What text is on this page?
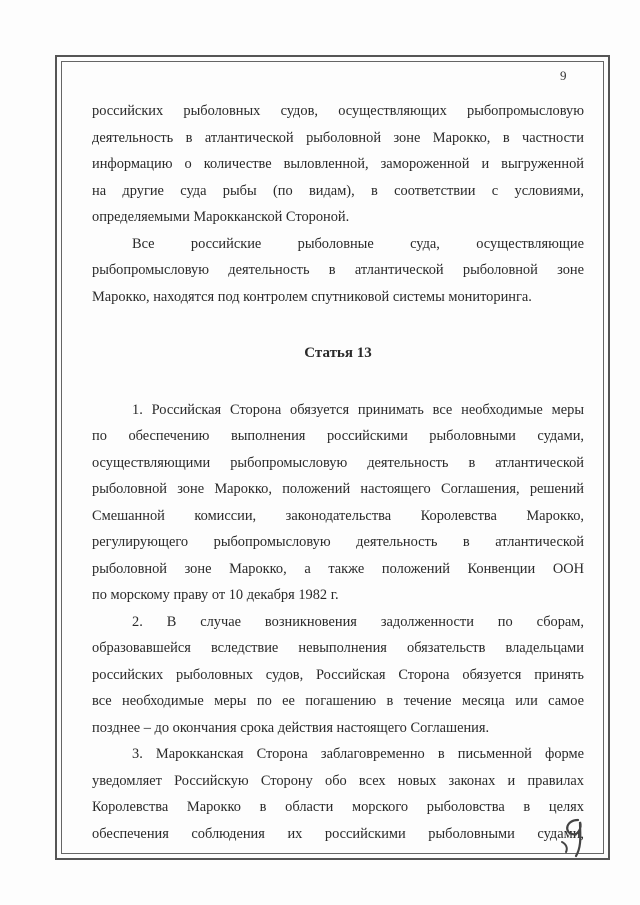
9

российских рыболовных судов, осуществляющих рыбопромысловую
деятельность в атлантической рыболовной зоне Марокко, в частности
информацию о количестве выловленной, замороженной и выгруженной
на другие суда рыбы (по видам), в соответствии с условиями,
определяемыми Марокканской Стороной.

Все российские рыболовные суда, осуществляющие
рыбопромысловую деятельность в атлантической рыболовной зоне
Марокко, находятся под контролем спутниковой системы мониторинга.

Статья 13

1. Российская Сторона обязуется принимать все необходимые меры
по обеспечению выполнения российскими рыболовными судами,
осуществляющими рыбопромысловую деятельность в атлантической
рыболовной зоне Марокко, положений настоящего Соглашения, решений
Смешанной комиссии, законодательства Королевства Марокко,
регулирующего рыбопромысловую деятельность в атлантической
рыболовной зоне Марокко, а также положений Конвенции ООН
по морскому праву от 10 декабря 1982 г.

2. В случае возникновения задолженности по сборам,
образовавшейся вследствие невыполнения обязательств владельцами
российских рыболовных судов, Российская Сторона обязуется принять
все необходимые меры по ее погашению в течение месяца или самое
позднее – до окончания срока действия настоящего Соглашения.

3. Марокканская Сторона заблаговременно в письменной форме
уведомляет Российскую Сторону обо всех новых законах и правилах
Королевства Марокко в области морского рыболовства в целях
обеспечения соблюдения их российскими рыболовными судами,
